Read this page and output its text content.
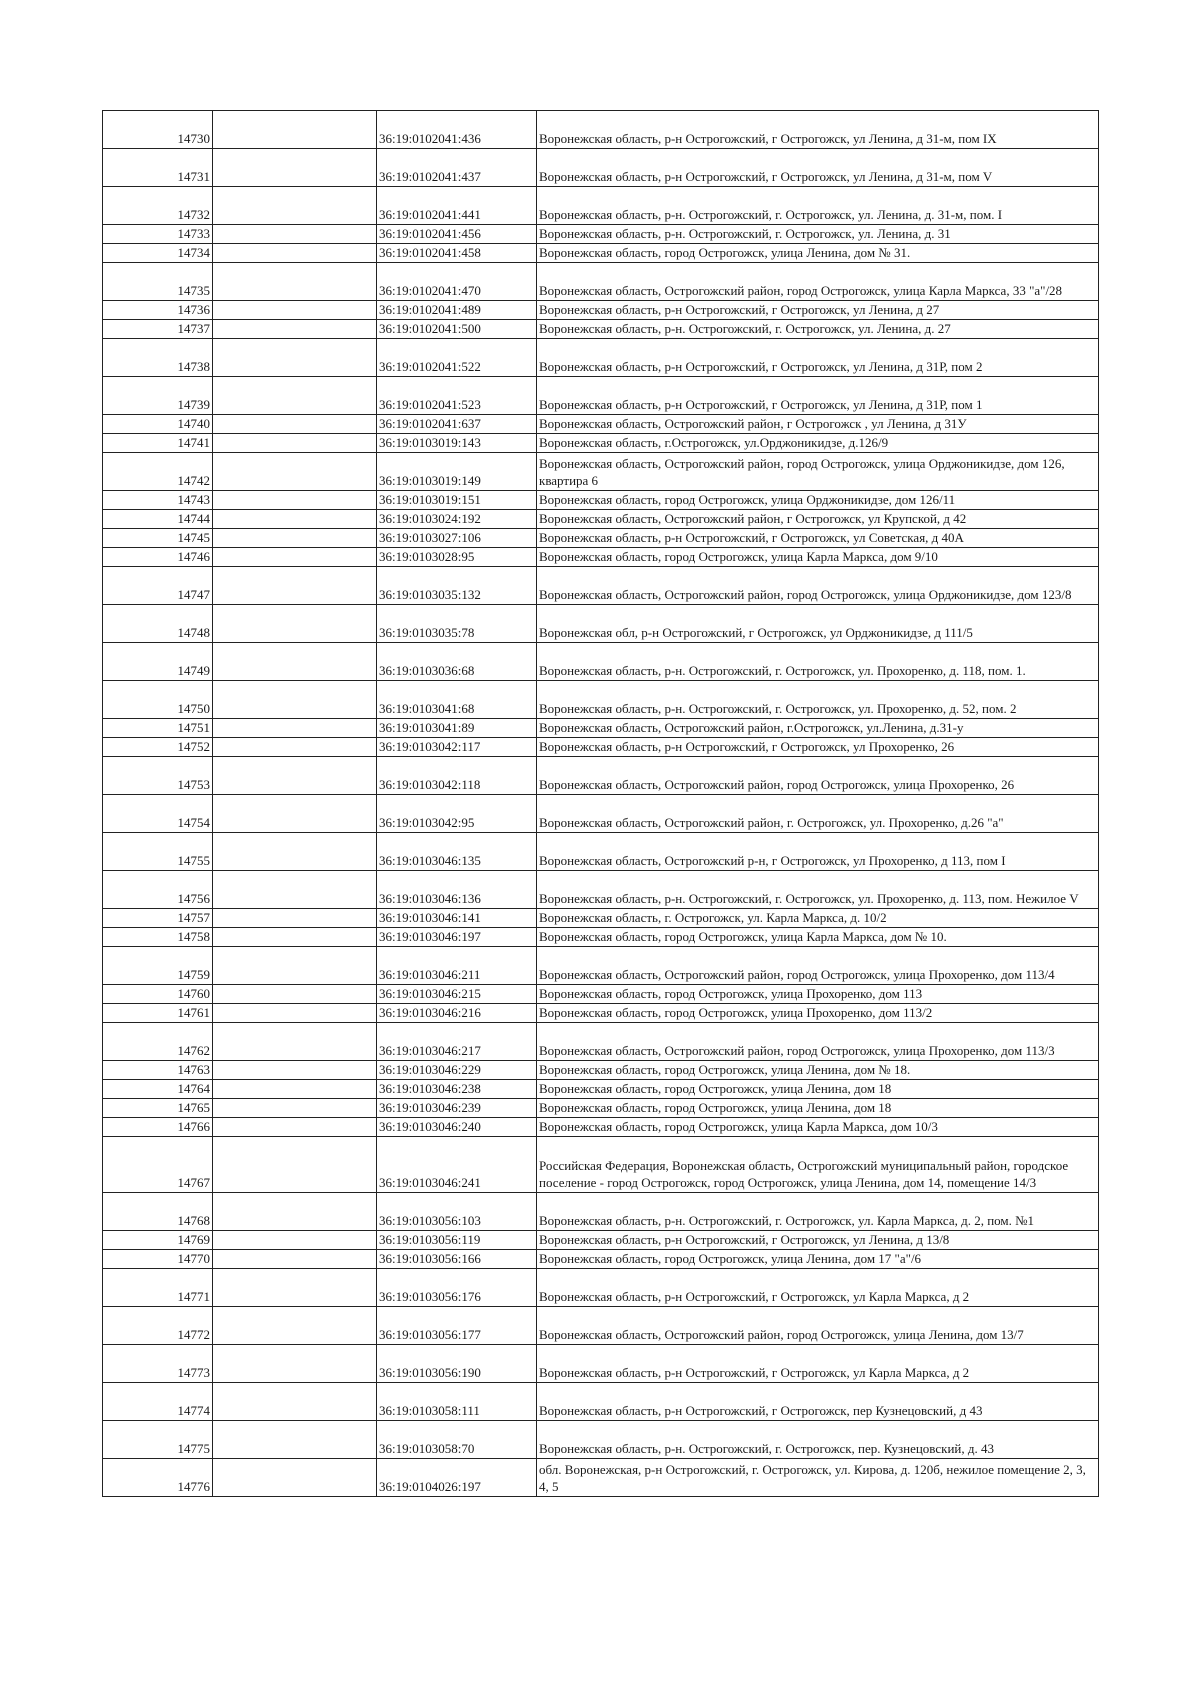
14730		36:19:0102041:436	Воронежская область, р-н Острогожский, г Острогожск, ул Ленина, д 31-м, пом IX
14731		36:19:0102041:437	Воронежская область, р-н Острогожский, г Острогожск, ул Ленина, д 31-м, пом V
14732		36:19:0102041:441	Воронежская область, р-н. Острогожский, г. Острогожск, ул. Ленина, д. 31-м, пом. I
14733		36:19:0102041:456	Воронежская область, р-н. Острогожский, г. Острогожск, ул. Ленина, д. 31
14734		36:19:0102041:458	Воронежская область, город Острогожск, улица Ленина, дом № 31.
14735		36:19:0102041:470	Воронежская область, Острогожский район, город Острогожск, улица Карла Маркса, 33 "а"/28
14736		36:19:0102041:489	Воронежская область, р-н Острогожский, г Острогожск, ул Ленина, д 27
14737		36:19:0102041:500	Воронежская область, р-н. Острогожский, г. Острогожск, ул. Ленина, д. 27
14738		36:19:0102041:522	Воронежская область, р-н Острогожский, г Острогожск, ул Ленина, д 31Р, пом 2
14739		36:19:0102041:523	Воронежская область, р-н Острогожский, г Острогожск, ул Ленина, д 31Р, пом 1
14740		36:19:0102041:637	Воронежская область, Острогожский район, г Острогожск , ул Ленина, д 31У
14741		36:19:0103019:143	Воронежская область, г.Острогожск, ул.Орджоникидзе, д.126/9
14742		36:19:0103019:149	Воронежская область, Острогожский район, город Острогожск, улица Орджоникидзе, дом 126, квартира 6
14743		36:19:0103019:151	Воронежская область, город Острогожск, улица Орджоникидзе, дом 126/11
14744		36:19:0103024:192	Воронежская область, Острогожский район, г Острогожск, ул Крупской, д 42
14745		36:19:0103027:106	Воронежская область, р-н Острогожский, г Острогожск, ул Советская, д 40А
14746		36:19:0103028:95	Воронежская область, город Острогожск, улица Карла Маркса, дом 9/10
14747		36:19:0103035:132	Воронежская область, Острогожский район, город Острогожск, улица Орджоникидзе, дом 123/8
14748		36:19:0103035:78	Воронежская обл, р-н Острогожский, г Острогожск, ул Орджоникидзе, д 111/5
14749		36:19:0103036:68	Воронежская область, р-н. Острогожский, г. Острогожск, ул. Прохоренко, д. 118, пом. 1.
14750		36:19:0103041:68	Воронежская область, р-н. Острогожский, г. Острогожск, ул. Прохоренко, д. 52, пом. 2
14751		36:19:0103041:89	Воронежская область, Острогожский район, г.Острогожск, ул.Ленина, д.31-у
14752		36:19:0103042:117	Воронежская область, р-н Острогожский, г Острогожск, ул Прохоренко, 26
14753		36:19:0103042:118	Воронежская область, Острогожский район, город Острогожск, улица Прохоренко, 26
14754		36:19:0103042:95	Воронежская область, Острогожский район, г. Острогожск, ул. Прохоренко, д.26 "а"
14755		36:19:0103046:135	Воронежская область, Острогожский р-н, г Острогожск, ул Прохоренко, д 113, пом I
14756		36:19:0103046:136	Воронежская область, р-н. Острогожский, г. Острогожск, ул. Прохоренко, д. 113, пом. Нежилое V
14757		36:19:0103046:141	Воронежская область, г. Острогожск, ул. Карла Маркса, д. 10/2
14758		36:19:0103046:197	Воронежская область, город Острогожск, улица Карла Маркса, дом № 10.
14759		36:19:0103046:211	Воронежская область, Острогожский район, город Острогожск, улица Прохоренко, дом 113/4
14760		36:19:0103046:215	Воронежская область, город Острогожск, улица Прохоренко, дом 113
14761		36:19:0103046:216	Воронежская область, город Острогожск, улица Прохоренко, дом 113/2
14762		36:19:0103046:217	Воронежская область, Острогожский район, город Острогожск, улица Прохоренко, дом 113/3
14763		36:19:0103046:229	Воронежская область, город Острогожск, улица Ленина, дом № 18.
14764		36:19:0103046:238	Воронежская область, город Острогожск, улица Ленина, дом 18
14765		36:19:0103046:239	Воронежская область, город Острогожск, улица Ленина, дом 18
14766		36:19:0103046:240	Воронежская область, город Острогожск, улица Карла Маркса, дом 10/3
14767		36:19:0103046:241	Российская Федерация, Воронежская область, Острогожский муниципальный район, городское поселение - город Острогожск, город Острогожск, улица Ленина, дом 14, помещение 14/3
14768		36:19:0103056:103	Воронежская область, р-н. Острогожский, г. Острогожск, ул. Карла Маркса, д. 2, пом. №1
14769		36:19:0103056:119	Воронежская область, р-н Острогожский, г Острогожск, ул Ленина, д 13/8
14770		36:19:0103056:166	Воронежская область, город Острогожск, улица Ленина, дом 17 "а"/6
14771		36:19:0103056:176	Воронежская область, р-н Острогожский, г Острогожск, ул Карла Маркса, д 2
14772		36:19:0103056:177	Воронежская область, Острогожский район, город Острогожск, улица Ленина, дом 13/7
14773		36:19:0103056:190	Воронежская область, р-н Острогожский, г Острогожск, ул Карла Маркса, д 2
14774		36:19:0103058:111	Воронежская область, р-н Острогожский, г Острогожск, пер Кузнецовский, д 43
14775		36:19:0103058:70	Воронежская область, р-н. Острогожский, г. Острогожск, пер. Кузнецовский, д. 43
14776		36:19:0104026:197	обл. Воронежская, р-н Острогожский, г. Острогожск, ул. Кирова, д. 120б, нежилое помещение 2, 3, 4, 5
